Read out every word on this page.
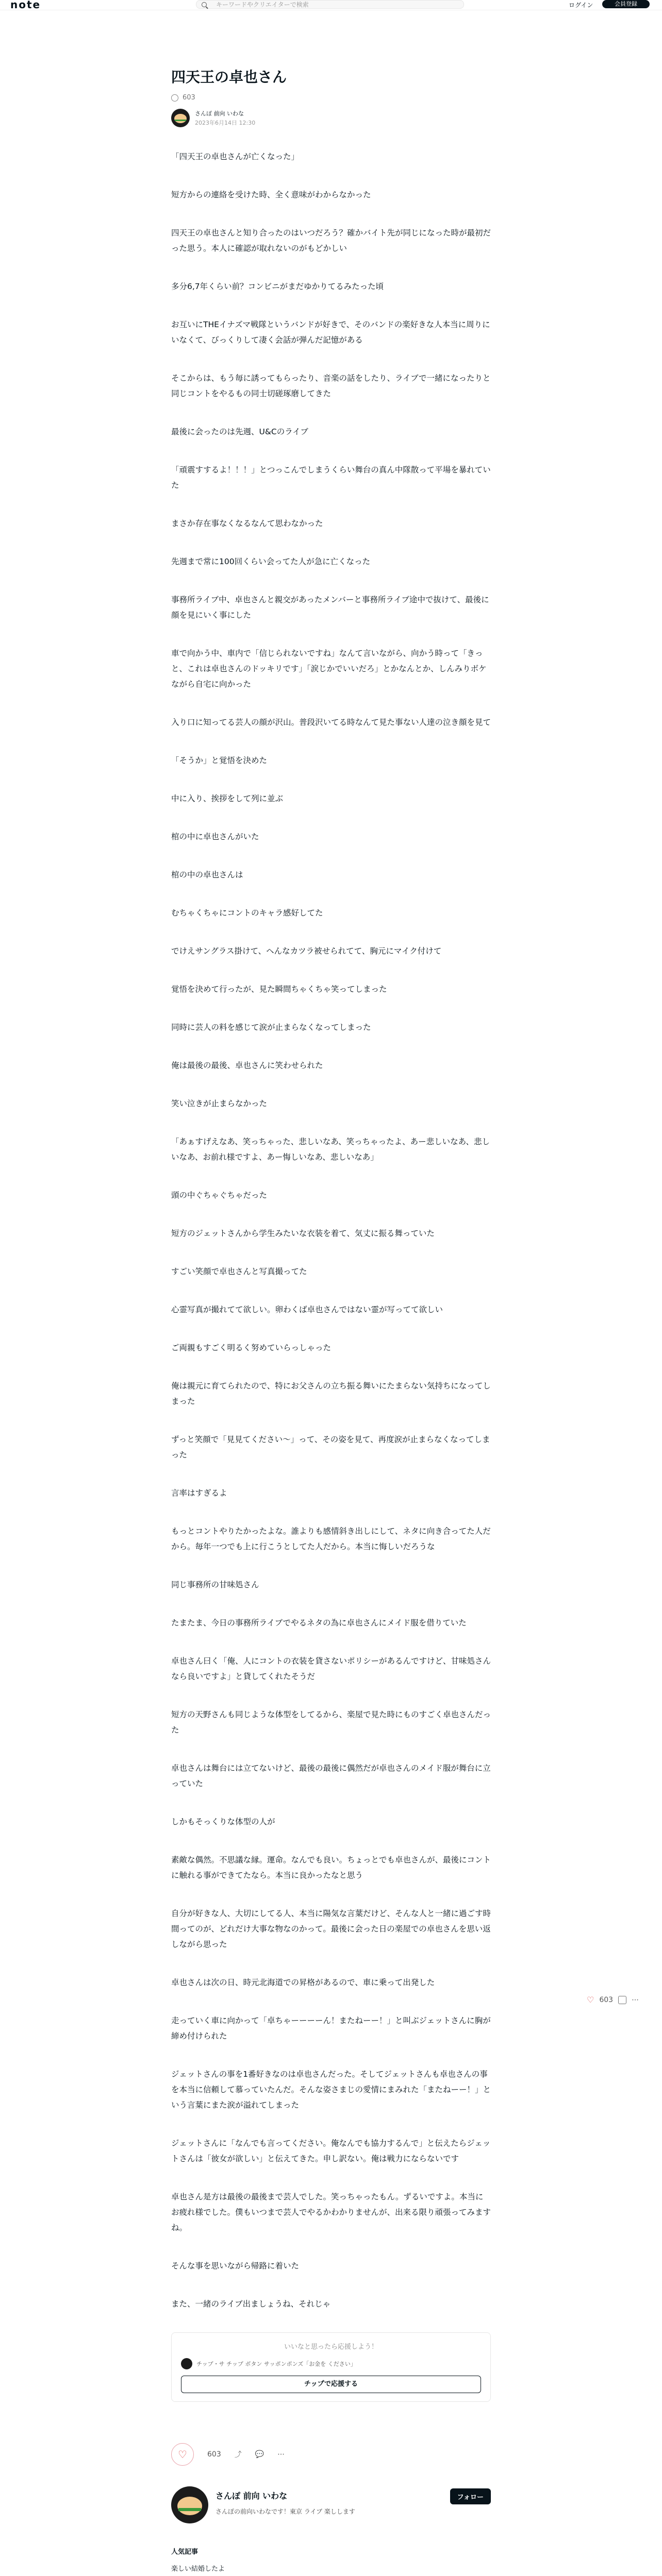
note	キーワードやクリエイターで検索	ログイン	会員登録
四天王の卓也さん
603
さんぽ 前向 いわな
2023年6月14日 12:30

「四天王の卓也さんが亡くなった」

短方からの連絡を受けた時、全く意味がわからなかった

四天王の卓也さんと知り合ったのはいつだろう？確かバイト先が同じになった時が最初だった思う。本人に確認が取れないのがもどかしい

多分6,7年くらい前？コンビニがまだゆかりてるみたった頃

お互いにTHEイナズマ戦隊というバンドが好きで、そのバンドの楽好きな人本当に周りにいなくて、びっくりして凄く会話が弾んだ記憶がある

そこからは、もう毎に誘ってもらったり、音楽の話をしたり、ライブで一緒になったりと同じコントをやるもの同士切磋琢磨してきた

最後に会ったのは先週、U&Cのライブ

「頑震すするよ！！！」とつっこんでしまうくらい舞台の真ん中隊散って平場を暴れていた

まさか存在事なくなるなんて思わなかった

先週まで常に100回くらい会ってた人が急に亡くなった

事務所ライブ中、卓也さんと親交があったメンバーと事務所ライブ途中で抜けて、最後に顔を見にいく事にした

車で向かう中、車内で「信じられないですね」なんて言いながら、向かう時って「きっと、これは卓也さんのドッキリです」「涙じかでいいだろ」とかなんとか、しんみりボケながら自宅に向かった

入り口に知ってる芸人の顔が沢山。普段沢いてる時なんて見た事ない人達の泣き顔を見て

「そうか」と覚悟を決めた

中に入り、挨拶をして列に並ぶ

棺の中に卓也さんがいた

棺の中の卓也さんは

むちゃくちゃにコントのキャラ感好してた

でけえサングラス掛けて、ヘんなカツラ被せられてて、胸元にマイク付けて

覚悟を決めて行ったが、見た瞬間ちゃくちゃ笑ってしまった

同時に芸人の料を感じて涙が止まらなくなってしまった

俺は最後の最後、卓也さんに笑わせられた

笑い泣きが止まらなかった

「あぁすげえなあ、笑っちゃった、悲しいなあ、笑っちゃったよ、あー悲しいなあ、悲しいなあ、お前れ様ですよ、あー悔しいなあ、悲しいなあ」

頭の中ぐちゃぐちゃだった

短方のジェットさんから学生みたいな衣装を着て、気丈に振る舞っていた

すごい笑顔で卓也さんと写真撮ってた

心霊写真が撮れてて欲しい。卵わくば卓也さんではない霊が写ってて欲しい

ご両親もすごく明るく努めていらっしゃった

俺は親元に育てられたので、特にお父さんの立ち振る舞いにたまらない気持ちになってしまった

ずっと笑顔で「見見てください～」って、その姿を見て、再度涙が止まらなくなってしまった

言率はすぎるよ

もっとコントやりたかったよな。誰よりも感情斜き出しにして、ネタに向き合ってた人だから。毎年一つでも上に行こうとしてた人だから。本当に悔しいだろうな

同じ事務所の甘味処さん

たまたま、今日の事務所ライブでやるネタの為に卓也さんにメイド服を借りていた

卓也さん曰く「俺、人にコントの衣装を貸さないポリシーがあるんですけど、甘味処さんなら良いですよ」と貸してくれたそうだ

短方の天野さんも同じような体型をしてるから、楽屋で見た時にものすごく卓也さんだった

卓也さんは舞台には立てないけど、最後の最後に偶然だが卓也さんのメイド服が舞台に立っていた

しかもそっくりな体型の人が

素敵な偶然。不思議な縁。運命。なんでも良い。ちょっとでも卓也さんが、最後にコントに触れる事ができてたなら。本当に良かったなと思う

自分が好きな人、大切にしてる人、本当に陽気な言葉だけど、そんな人と一緒に過ごす時間ってのが、どれだけ大事な物なのかって。最後に会った日の楽屋での卓也さんを思い返しながら思った

卓也さんは次の日、時元北海道での昇格があるので、車に乗って出発した

走っていく車に向かって「卓ちゃーーーーん！またねーー！」と叫ぶジェットさんに胸が締め付けられた

ジェットさんの事を1番好きなのは卓也さんだった。そしてジェットさんも卓也さんの事を本当に信頼して慕っていたんだ。そんな姿さまじの愛情にまみれた「またねーー！」という言葉にまた涙が溢れてしまった

ジェットさんに「なんでも言ってください。俺なんでも協力するんで」と伝えたらジェットさんは「彼女が欲しい」と伝えてきた。申し訳ない。俺は戦力にならないです

卓也さん是方は最後の最後まで芸人でした。笑っちゃったもん。ずるいですよ。本当にお疲れ様でした。僕もいつまで芸人でやるかわかりませんが、出来る限り頑張ってみますね。

そんな事を思いながら帰路に着いた

また、一緒のライブ出ましょうね、それじゃ

いいなと思ったら応援しよう！
チップ・サ チップ ボタン サッポンポンズ「お金を ください」
チップで応援する
♡	603 ⤴ 💬 ⋯
さんぽ 前向 いわな
さんぽの前向いわなです！東京 ライブ 楽しします
フォロー
人気記事
楽しい結婚したよ
♡ 603	⋯
